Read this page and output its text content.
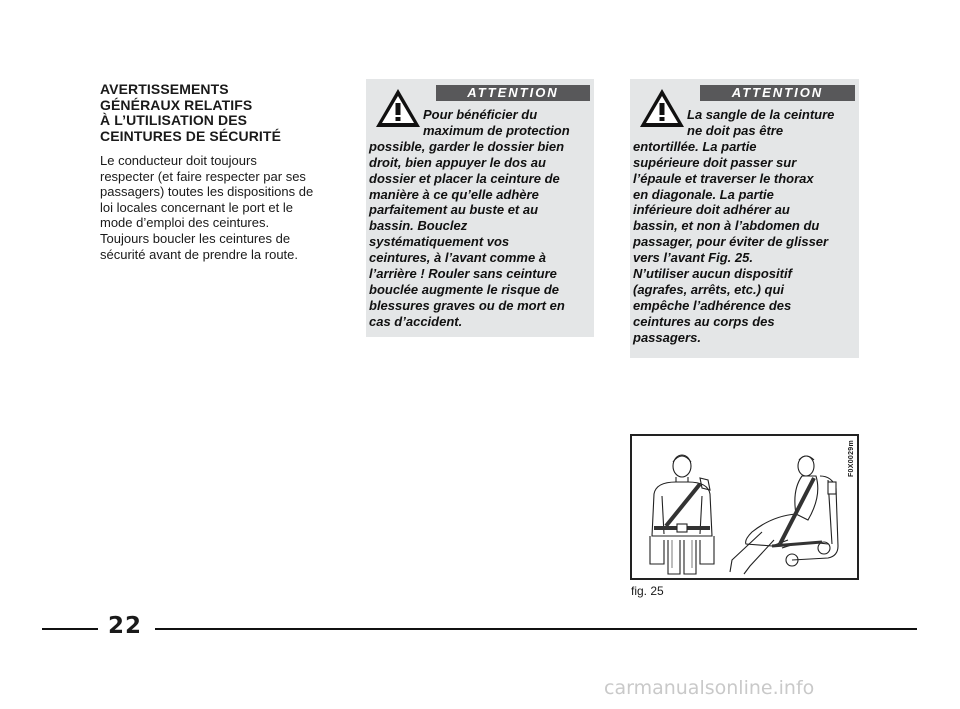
AVERTISSEMENTS
GÉNÉRAUX RELATIFS
À L’UTILISATION DES
CEINTURES DE SÉCURITÉ

Le conducteur doit toujours
respecter (et faire respecter par ses
passagers) toutes les dispositions de
loi locales concernant le port et le
mode d’emploi des ceintures.
Toujours boucler les ceintures de
sécurité avant de prendre la route.

ATTENTION
Pour bénéficier du
maximum de protection
possible, garder le dossier bien
droit, bien appuyer le dos au
dossier et placer la ceinture de
manière à ce qu’elle adhère
parfaitement au buste et au
bassin. Bouclez
systématiquement vos
ceintures, à l’avant comme à
l’arrière ! Rouler sans ceinture
bouclée augmente le risque de
blessures graves ou de mort en
cas d’accident.
ATTENTION
La sangle de la ceinture
ne doit pas être
entortillée. La partie
supérieure doit passer sur
l’épaule et traverser le thorax
en diagonale. La partie
inférieure doit adhérer au
bassin, et non à l’abdomen du
passager, pour éviter de glisser
vers l’avant Fig. 25.
N’utiliser aucun dispositif
(agrafes, arrêts, etc.) qui
empêche l’adhérence des
ceintures au corps des
passagers.
F0X0029m
fig. 25
22
carmanualsonline.info
